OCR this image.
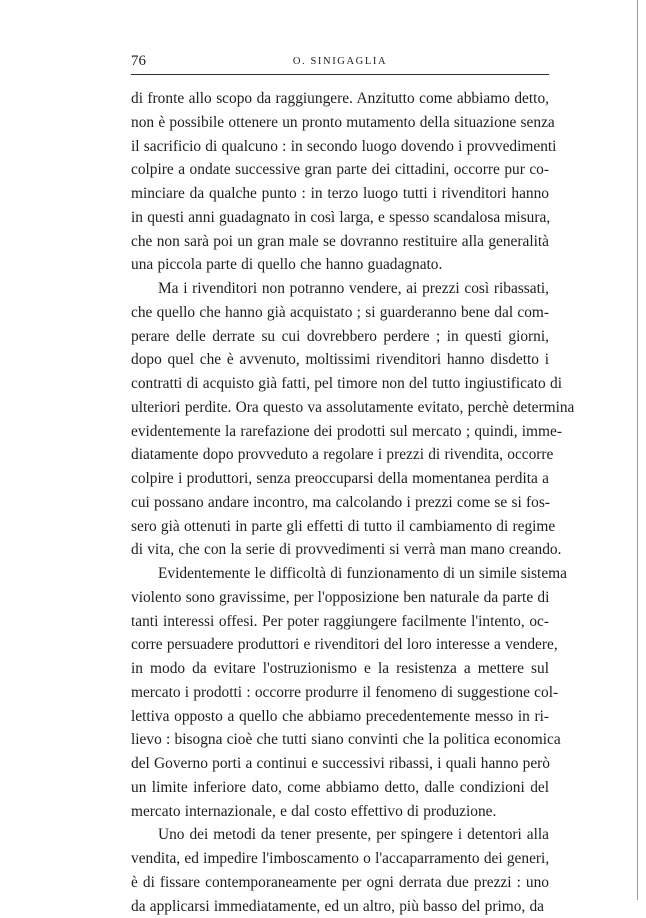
76	O. SINIGAGLIA

di fronte allo scopo da raggiungere. Anzitutto come abbiamo detto,
non è possibile ottenere un pronto mutamento della situazione senza
il sacrificio di qualcuno : in secondo luogo dovendo i provvedimenti
colpire a ondate successive gran parte dei cittadini, occorre pur co-
minciare da qualche punto : in terzo luogo tutti i rivenditori hanno
in questi anni guadagnato in così larga, e spesso scandalosa misura,
che non sarà poi un gran male se dovranno restituire alla generalità
una piccola parte di quello che hanno guadagnato.

Ma i rivenditori non potranno vendere, ai prezzi così ribassati,
che quello che hanno già acquistato ; si guarderanno bene dal com-
perare delle derrate su cui dovrebbero perdere ; in questi giorni,
dopo quel che è avvenuto, moltissimi rivenditori hanno disdetto i
contratti di acquisto già fatti, pel timore non del tutto ingiustificato di
ulteriori perdite. Ora questo va assolutamente evitato, perchè determina
evidentemente la rarefazione dei prodotti sul mercato ; quindi, imme-
diatamente dopo provveduto a regolare i prezzi di rivendita, occorre
colpire i produttori, senza preoccuparsi della momentanea perdita a
cui possano andare incontro, ma calcolando i prezzi come se si fos-
sero già ottenuti in parte gli effetti di tutto il cambiamento di regime
di vita, che con la serie di provvedimenti si verrà man mano creando.

Evidentemente le difficoltà di funzionamento di un simile sistema
violento sono gravissime, per l'opposizione ben naturale da parte di
tanti interessi offesi. Per poter raggiungere facilmente l'intento, oc-
corre persuadere produttori e rivenditori del loro interesse a vendere,
in modo da evitare l'ostruzionismo e la resistenza a mettere sul
mercato i prodotti : occorre produrre il fenomeno di suggestione col-
lettiva opposto a quello che abbiamo precedentemente messo in ri-
lievo : bisogna cioè che tutti siano convinti che la politica economica
del Governo porti a continui e successivi ribassi, i quali hanno però
un limite inferiore dato, come abbiamo detto, dalle condizioni del
mercato internazionale, e dal costo effettivo di produzione.

Uno dei metodi da tener presente, per spingere i detentori alla
vendita, ed impedire l'imboscamento o l'accaparramento dei generi,
è di fissare contemporaneamente per ogni derrata due prezzi : uno
da applicarsi immediatamente, ed un altro, più basso del primo, da
